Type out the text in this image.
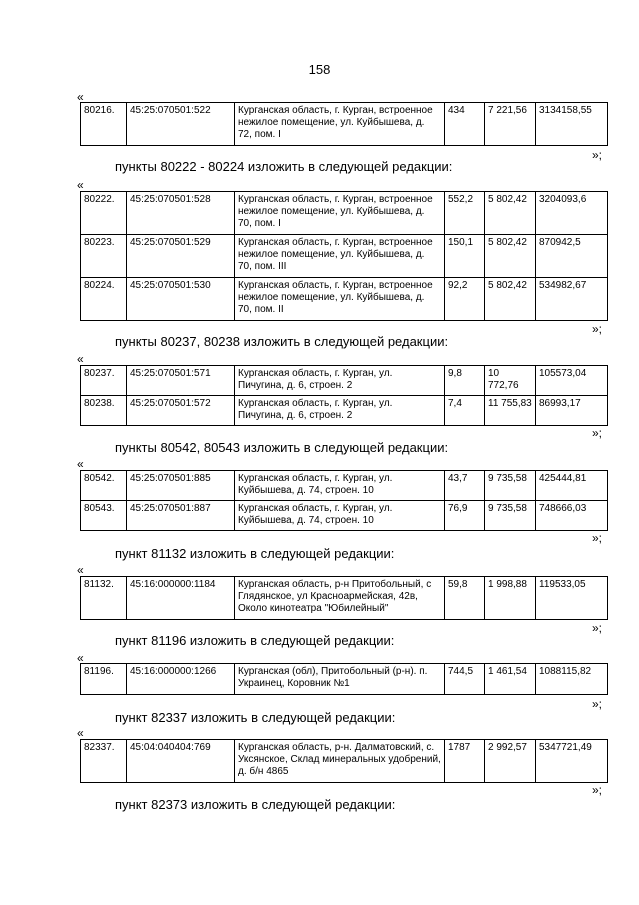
158
«
80216.	45:25:070501:522	Курганская область, г. Курган, встроенное нежилое помещение, ул. Куйбышева, д. 72, пом. I	434	7 221,56	3134158,55
»;
пункты 80222 - 80224 изложить в следующей редакции:
«
80222.	45:25:070501:528	Курганская область, г. Курган, встроенное нежилое помещение, ул. Куйбышева, д. 70, пом. I	552,2	5 802,42	3204093,6
80223.	45:25:070501:529	Курганская область, г. Курган, встроенное нежилое помещение, ул. Куйбышева, д. 70, пом. III	150,1	5 802,42	870942,5
80224.	45:25:070501:530	Курганская область, г. Курган, встроенное нежилое помещение, ул. Куйбышева, д. 70, пом. II	92,2	5 802,42	534982,67
»;
пункты 80237, 80238 изложить в следующей редакции:
«
80237.	45:25:070501:571	Курганская область, г. Курган, ул. Пичугина, д. 6, строен. 2	9,8	10 772,76	105573,04
80238.	45:25:070501:572	Курганская область, г. Курган, ул. Пичугина, д. 6, строен. 2	7,4	11 755,83	86993,17
»;
пункты 80542, 80543 изложить в следующей редакции:
«
80542.	45:25:070501:885	Курганская область, г. Курган, ул. Куйбышева, д. 74, строен. 10	43,7	9 735,58	425444,81
80543.	45:25:070501:887	Курганская область, г. Курган, ул. Куйбышева, д. 74, строен. 10	76,9	9 735,58	748666,03
»;
пункт 81132 изложить в следующей редакции:
«
81132.	45:16:000000:1184	Курганская область, р-н Притобольный, с Глядянское, ул Красноармейская, 42в, Около кинотеатра "Юбилейный"	59,8	1 998,88	119533,05
»;
пункт 81196 изложить в следующей редакции:
«
81196.	45:16:000000:1266	Курганская (обл), Притобольный (р-н). п. Украинец, Коровник №1	744,5	1 461,54	1088115,82
»;
пункт 82337 изложить в следующей редакции:
«
82337.	45:04:040404:769	Курганская область, р-н. Далматовский, с. Уксянское, Склад минеральных удобрений, д. б/н 4865	1787	2 992,57	5347721,49
»;
пункт 82373 изложить в следующей редакции:
